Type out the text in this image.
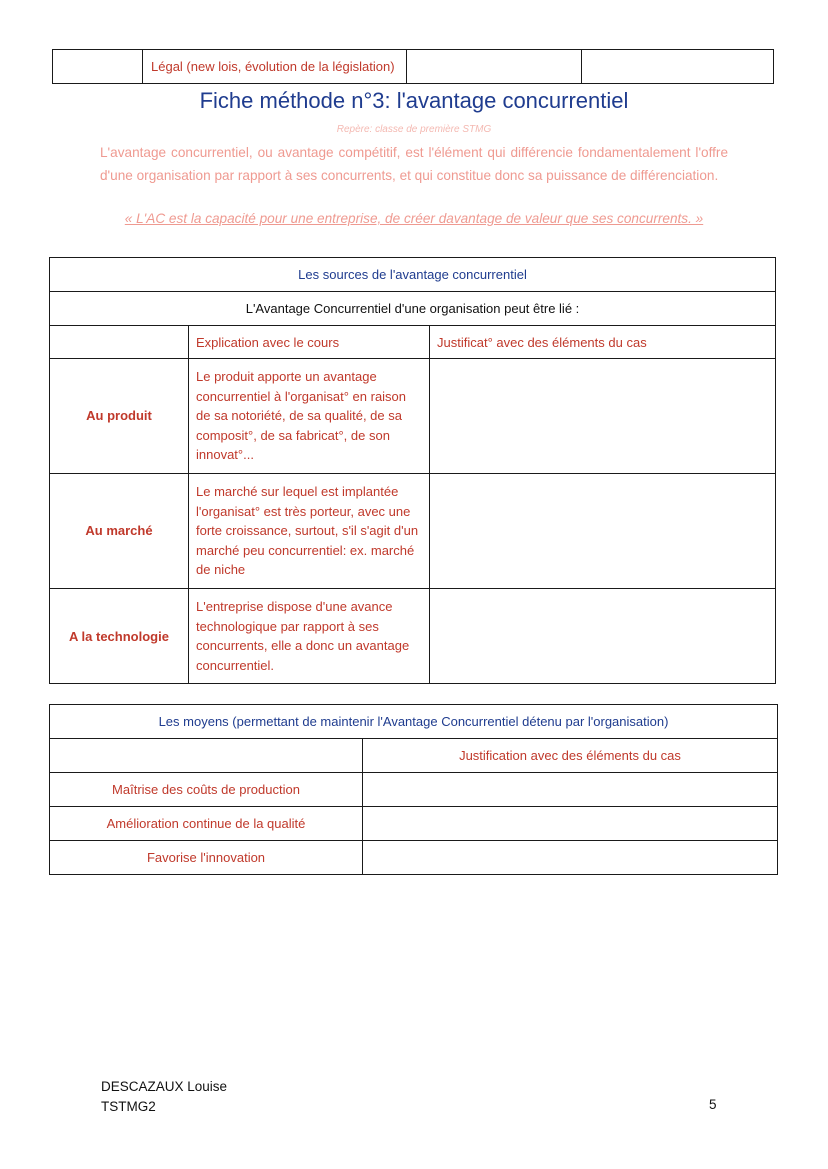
	Légal (new lois, évolution de la législation)		
Fiche méthode n°3: l'avantage concurrentiel
Repère: classe de première STMG
L'avantage concurrentiel, ou avantage compétitif, est l'élément qui différencie fondamentalement l'offre d'une organisation par rapport à ses concurrents, et qui constitue donc sa puissance de différenciation.
« L'AC est la capacité pour une entreprise, de créer davantage de valeur que ses concurrents. »
Les sources de l'avantage concurrentiel		
L'Avantage Concurrentiel d'une organisation peut être lié :		
	Explication avec le cours	Justificat° avec des éléments du cas
Au produit	Le produit apporte un avantage concurrentiel à l'organisat° en raison de sa notoriété, de sa qualité, de sa composit°, de sa fabricat°, de son innovat°...	
Au marché	Le marché sur lequel est implantée l'organisat° est très porteur, avec une forte croissance, surtout, s'il s'agit d'un marché peu concurrentiel: ex. marché de niche	
A la technologie	L'entreprise dispose d'une avance technologique par rapport à ses concurrents, elle a donc un avantage concurrentiel.	
Les moyens (permettant de maintenir l'Avantage Concurrentiel détenu par l'organisation)	
	Justification avec des éléments du cas
Maîtrise des coûts de production	
Amélioration continue de la qualité	
Favorise l'innovation	
DESCAZAUX Louise
TSTMG2	5
